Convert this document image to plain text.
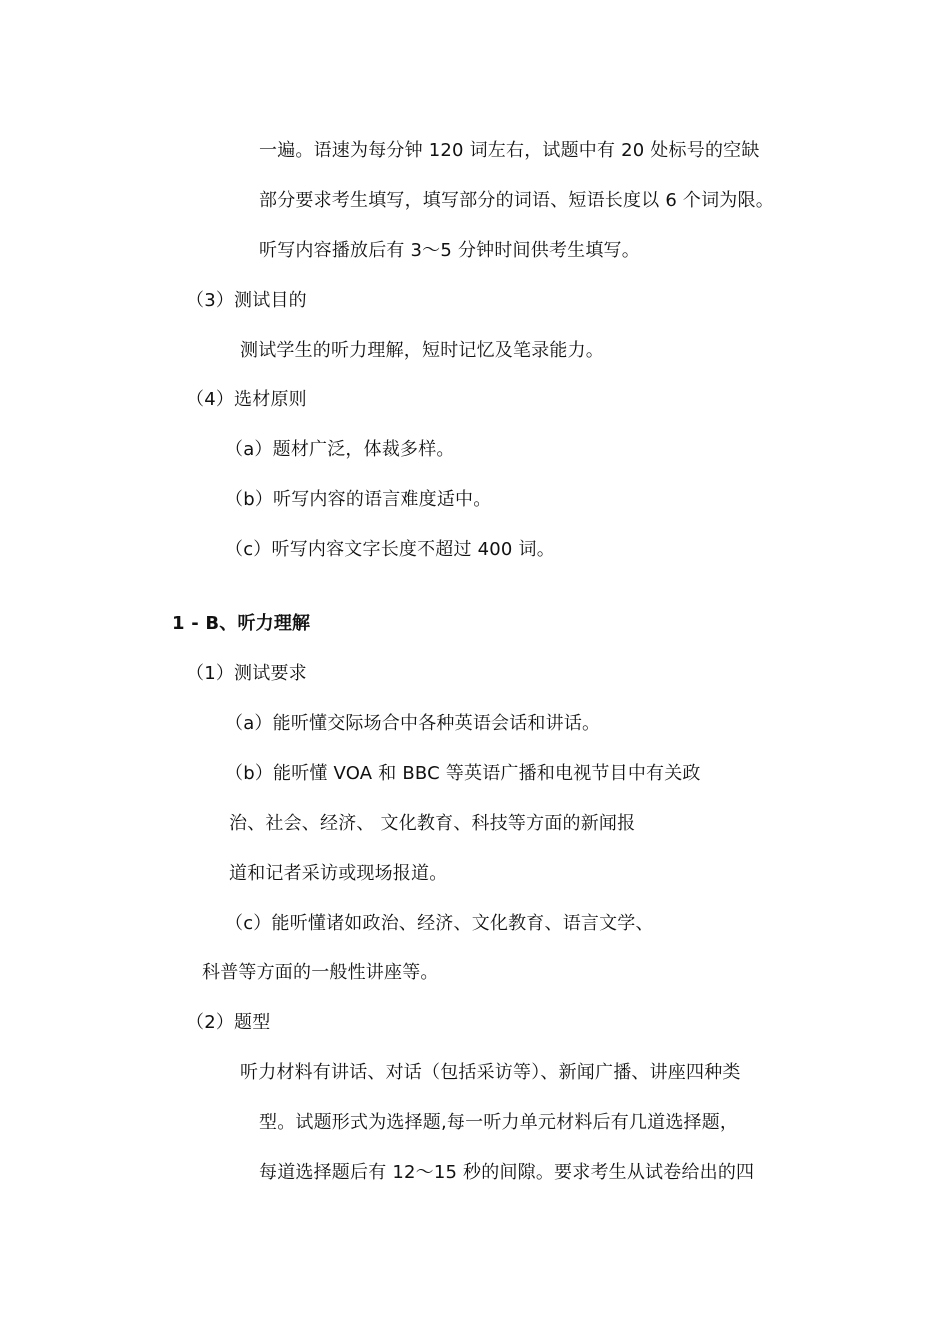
一遍。语速为每分钟 120 词左右，试题中有 20 处标号的空缺
部分要求考生填写，填写部分的词语、短语长度以 6 个词为限。
听写内容播放后有 3～5 分钟时间供考生填写。
（3）测试目的
测试学生的听力理解，短时记忆及笔录能力。
（4）选材原则
（a）题材广泛，体裁多样。
（b）听写内容的语言难度适中。
（c）听写内容文字长度不超过 400 词。
1 - B、听力理解
（1）测试要求
（a）能听懂交际场合中各种英语会话和讲话。
（b）能听懂 VOA 和 BBC 等英语广播和电视节目中有关政
治、社会、经济、 文化教育、科技等方面的新闻报
道和记者采访或现场报道。
（c）能听懂诸如政治、经济、文化教育、语言文学、
科普等方面的一般性讲座等。
（2）题型
听力材料有讲话、对话（包括采访等）、新闻广播、讲座四种类
型。试题形式为选择题,每一听力单元材料后有几道选择题，
每道选择题后有 12～15 秒的间隙。要求考生从试卷给出的四
